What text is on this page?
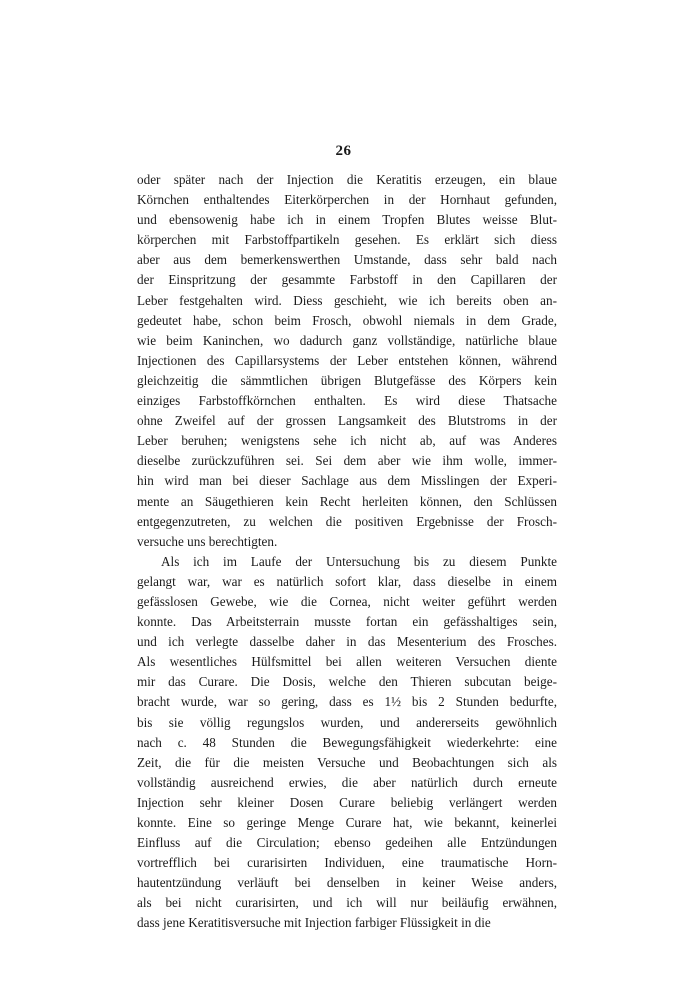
26
oder später nach der Injection die Keratitis erzeugen, ein blaue
Körnchen enthaltendes Eiterkörperchen in der Hornhaut gefunden,
und ebensowenig habe ich in einem Tropfen Blutes weisse Blut-
körperchen mit Farbstoffpartikeln gesehen. Es erklärt sich diess
aber aus dem bemerkenswerthen Umstande, dass sehr bald nach
der Einspritzung der gesammte Farbstoff in den Capillaren der
Leber festgehalten wird. Diess geschieht, wie ich bereits oben an-
gedeutet habe, schon beim Frosch, obwohl niemals in dem Grade,
wie beim Kaninchen, wo dadurch ganz vollständige, natürliche blaue
Injectionen des Capillarsystems der Leber entstehen können, während
gleichzeitig die sämmtlichen übrigen Blutgefässe des Körpers kein
einziges Farbstoffkörnchen enthalten. Es wird diese Thatsache
ohne Zweifel auf der grossen Langsamkeit des Blutstroms in der
Leber beruhen; wenigstens sehe ich nicht ab, auf was Anderes
dieselbe zurückzuführen sei. Sei dem aber wie ihm wolle, immer-
hin wird man bei dieser Sachlage aus dem Misslingen der Experi-
mente an Säugethieren kein Recht herleiten können, den Schlüssen
entgegenzutreten, zu welchen die positiven Ergebnisse der Frosch-
versuche uns berechtigten.
Als ich im Laufe der Untersuchung bis zu diesem Punkte
gelangt war, war es natürlich sofort klar, dass dieselbe in einem
gefässlosen Gewebe, wie die Cornea, nicht weiter geführt werden
konnte. Das Arbeitsterrain musste fortan ein gefässhaltiges sein,
und ich verlegte dasselbe daher in das Mesenterium des Frosches.
Als wesentliches Hülfsmittel bei allen weiteren Versuchen diente
mir das Curare. Die Dosis, welche den Thieren subcutan beige-
bracht wurde, war so gering, dass es 1½ bis 2 Stunden bedurfte,
bis sie völlig regungslos wurden, und andererseits gewöhnlich
nach c. 48 Stunden die Bewegungsfähigkeit wiederkehrte: eine
Zeit, die für die meisten Versuche und Beobachtungen sich als
vollständig ausreichend erwies, die aber natürlich durch erneute
Injection sehr kleiner Dosen Curare beliebig verlängert werden
konnte. Eine so geringe Menge Curare hat, wie bekannt, keinerlei
Einfluss auf die Circulation; ebenso gedeihen alle Entzündungen
vortrefflich bei curarisirten Individuen, eine traumatische Horn-
hautentzündung verläuft bei denselben in keiner Weise anders,
als bei nicht curarisirten, und ich will nur beiläufig erwähnen,
dass jene Keratitisversuche mit Injection farbiger Flüssigkeit in die
